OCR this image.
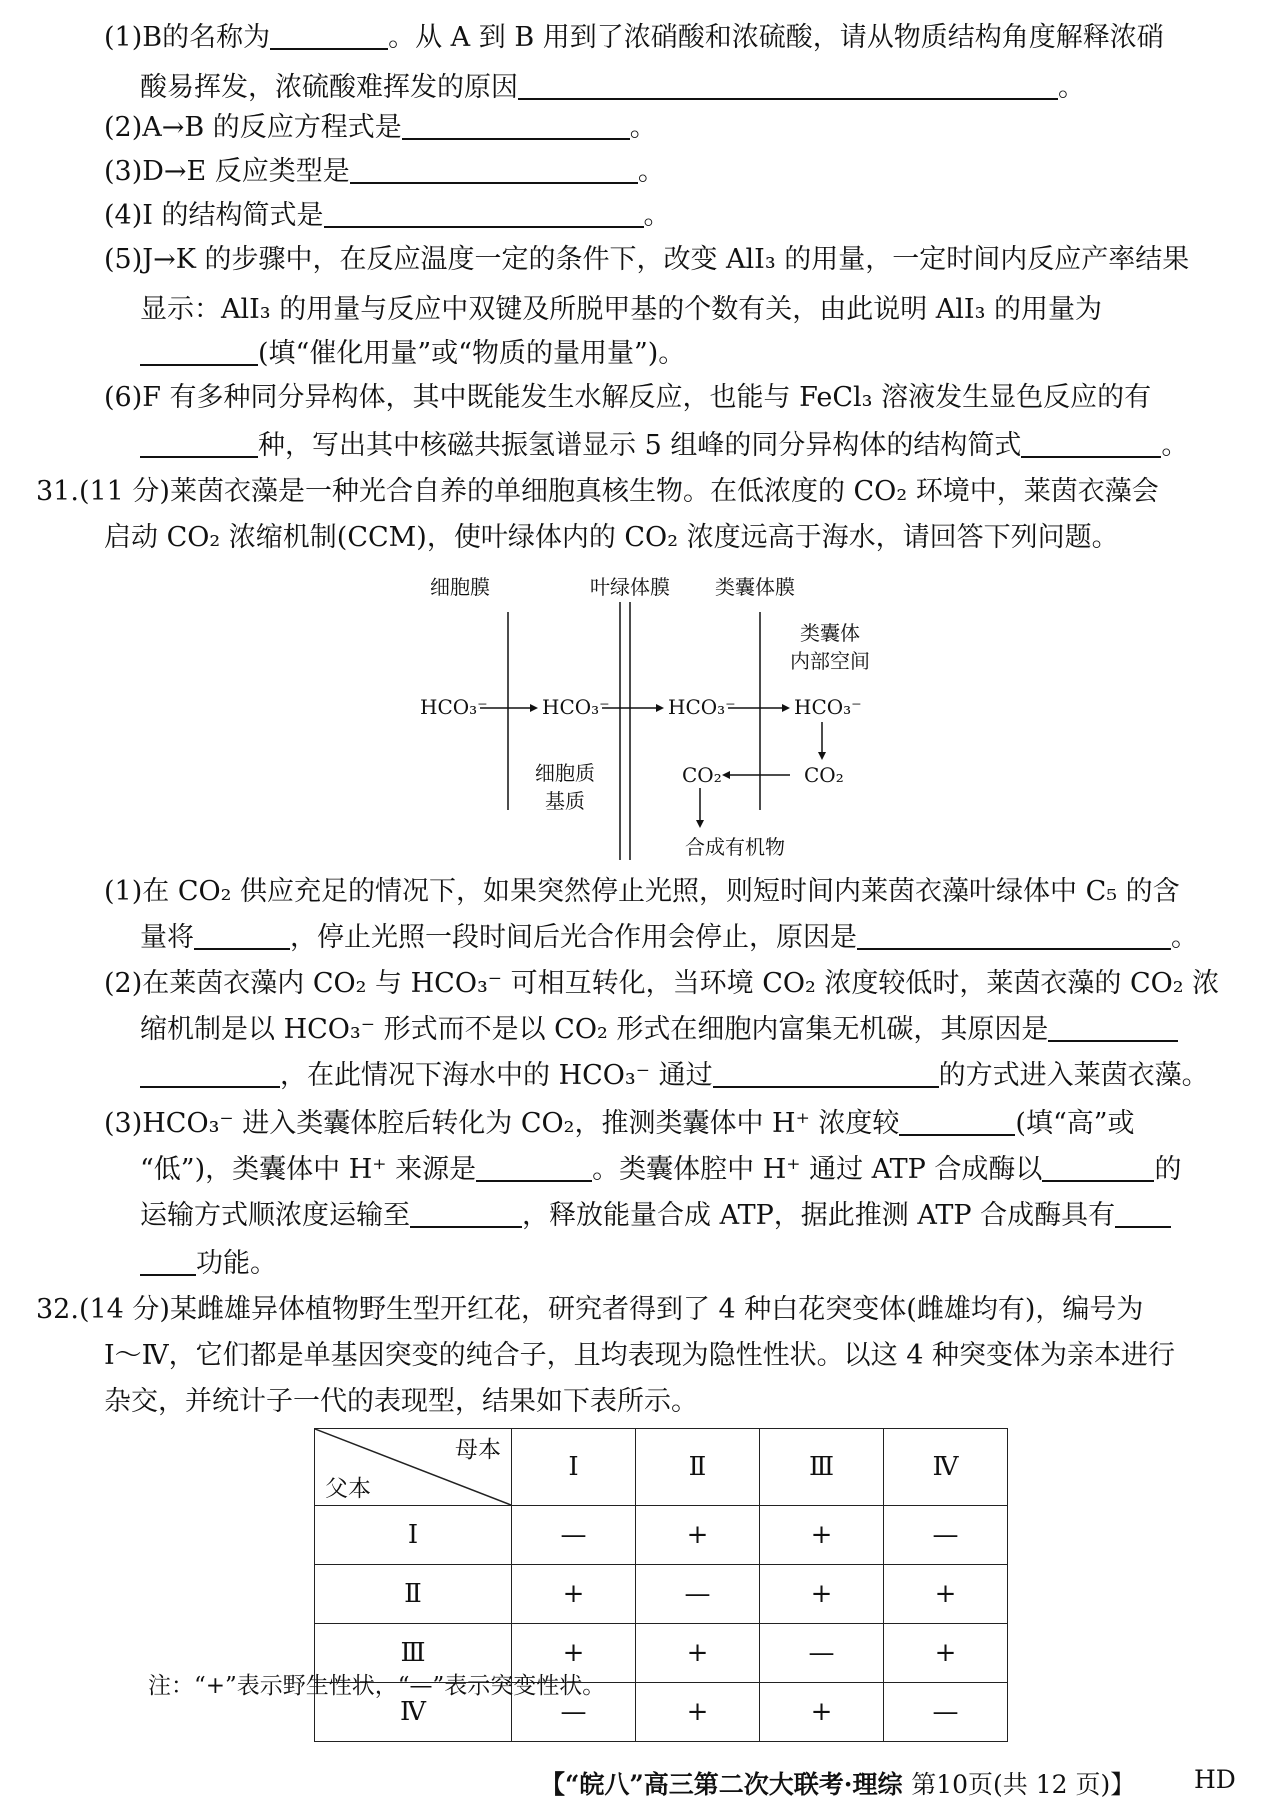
(1)B的名称为	。从 A 到 B 用到了浓硝酸和浓硫酸，请从物质结构角度解释浓硝
酸易挥发，浓硫酸难挥发的原因	。
(2)A→B 的反应方程式是	。
(3)D→E 反应类型是	。
(4)I 的结构简式是	。
(5)J→K 的步骤中，在反应温度一定的条件下，改变 AlI₃ 的用量，一定时间内反应产率结果
显示：AlI₃ 的用量与反应中双键及所脱甲基的个数有关，由此说明 AlI₃ 的用量为
(填“催化用量”或“物质的量用量”)。
(6)F 有多种同分异构体，其中既能发生水解反应，也能与 FeCl₃ 溶液发生显色反应的有
种，写出其中核磁共振氢谱显示 5 组峰的同分异构体的结构简式	。
31.(11 分)莱茵衣藻是一种光合自养的单细胞真核生物。在低浓度的 CO₂ 环境中，莱茵衣藻会
启动 CO₂ 浓缩机制(CCM)，使叶绿体内的 CO₂ 浓度远高于海水，请回答下列问题。
细胞膜	叶绿体膜 类囊体膜
类囊体
内部空间
HCO₃⁻	HCO₃⁻	HCO₃⁻	HCO₃⁻
细胞质
基质
CO₂
CO₂
合成有机物
(1)在 CO₂ 供应充足的情况下，如果突然停止光照，则短时间内莱茵衣藻叶绿体中 C₅ 的含
量将	，停止光照一段时间后光合作用会停止，原因是	。
(2)在莱茵衣藻内 CO₂ 与 HCO₃⁻ 可相互转化，当环境 CO₂ 浓度较低时，莱茵衣藻的 CO₂ 浓
缩机制是以 HCO₃⁻ 形式而不是以 CO₂ 形式在细胞内富集无机碳，其原因是
，在此情况下海水中的 HCO₃⁻ 通过	的方式进入莱茵衣藻。
(3)HCO₃⁻ 进入类囊体腔后转化为 CO₂，推测类囊体中 H⁺ 浓度较	(填“高”或
“低”)，类囊体中 H⁺ 来源是	。类囊体腔中 H⁺ 通过 ATP 合成酶以	的
运输方式顺浓度运输至	，释放能量合成 ATP，据此推测 ATP 合成酶具有
功能。
32.(14 分)某雌雄异体植物野生型开红花，研究者得到了 4 种白花突变体(雌雄均有)，编号为
Ⅰ～Ⅳ，它们都是单基因突变的纯合子，且均表现为隐性性状。以这 4 种突变体为亲本进行
杂交，并统计子一代的表现型，结果如下表所示。
母本
父本	Ⅰ	Ⅱ	Ⅲ	Ⅳ
Ⅰ	—	+	+	—
Ⅱ	+	—	+	+
Ⅲ	+	+	—	+
Ⅳ	—	+	+	—
注：“+”表示野生性状，“—”表示突变性状。
【“皖八”高三第二次大联考·理综 第10页(共 12 页)】 HD
